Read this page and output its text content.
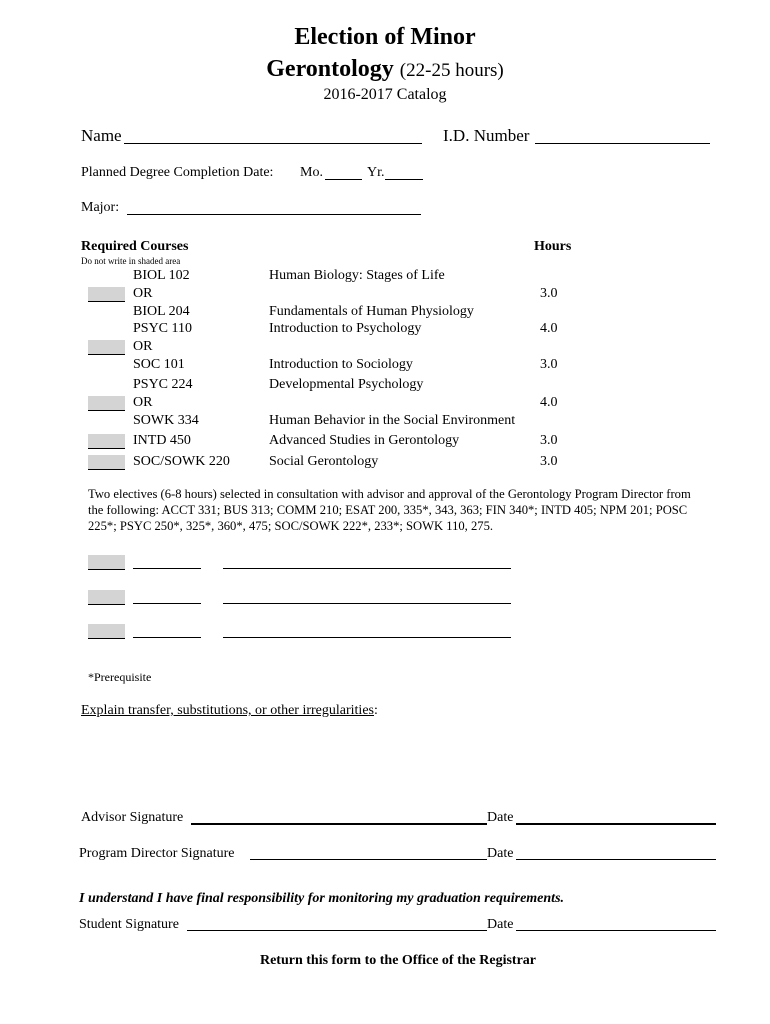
Election of Minor
Gerontology (22-25 hours)
2016-2017 Catalog
Name	I.D. Number
Planned Degree Completion Date: Mo.	Yr.
Major:
Required Courses	Hours
Do not write in shaded area
BIOL 102	Human Biology: Stages of Life
OR	3.0
BIOL 204	Fundamentals of Human Physiology
PSYC 110	Introduction to Psychology	4.0
OR
SOC 101	Introduction to Sociology	3.0
PSYC 224	Developmental Psychology
OR	4.0
SOWK 334	Human Behavior in the Social Environment
INTD 450	Advanced Studies in Gerontology	3.0
SOC/SOWK 220	Social Gerontology	3.0
Two electives (6-8 hours) selected in consultation with advisor and approval of the Gerontology Program Director from the following: ACCT 331; BUS 313; COMM 210; ESAT 200, 335*, 343, 363; FIN 340*; INTD 405; NPM 201; POSC 225*; PSYC 250*, 325*, 360*, 475; SOC/SOWK 222*, 233*; SOWK 110, 275.
*Prerequisite
Explain transfer, substitutions, or other irregularities:
Advisor Signature	Date
Program Director Signature	Date
I understand I have final responsibility for monitoring my graduation requirements.
Student Signature	Date
Return this form to the Office of the Registrar
